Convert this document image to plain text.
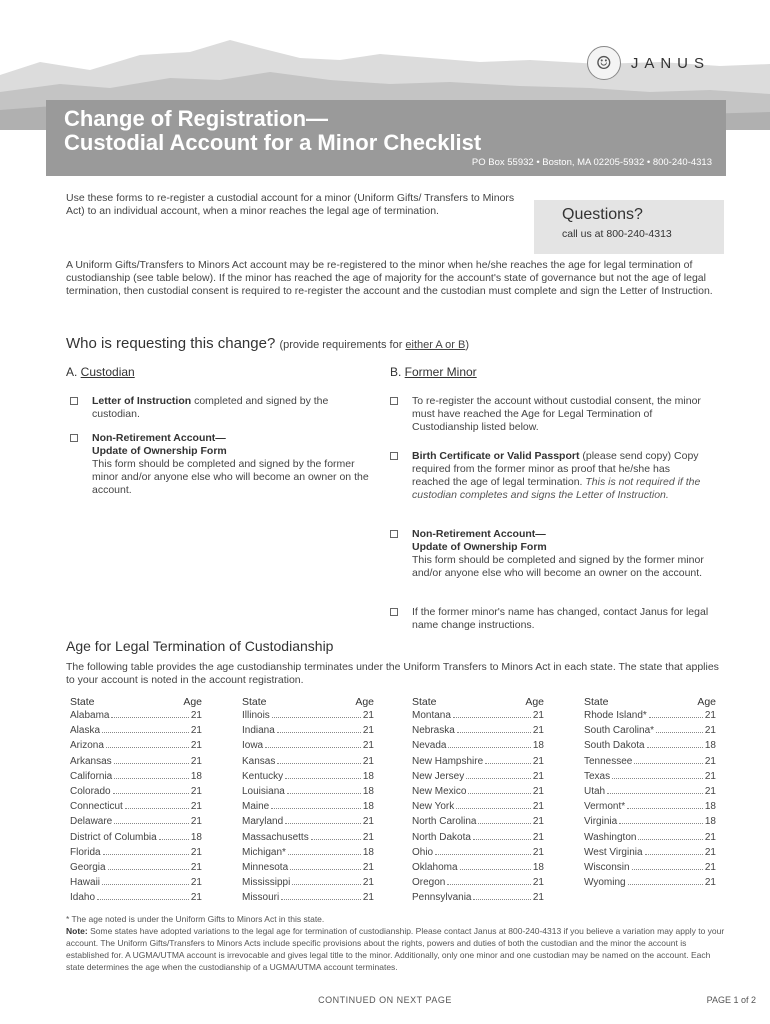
☺	JANUS
Change of Registration—
Custodial Account for a Minor Checklist
PO Box 55932 • Boston, MA 02205-5932 • 800-240-4313
Use these forms to re-register a custodial account for a minor (Uniform Gifts/ Transfers to Minors Act) to an individual account, when a minor reaches the legal age of termination.	Questions?
call us at 800-240-4313
A Uniform Gifts/Transfers to Minors Act account may be re-registered to the minor when he/she reaches the age for legal termination of custodianship (see table below). If the minor has reached the age of majority for the account's state of governance but not the age of legal termination, then custodial consent is required to re-register the account and the custodian must complete and sign the Letter of Instruction.
Who is requesting this change? (provide requirements for either A or B)
A. Custodian	B. Former Minor
Letter of Instruction completed and signed by the custodian.
Non-Retirement Account—
Update of Ownership Form
This form should be completed and signed by the former minor and/or anyone else who will become an owner on the account.
To re-register the account without custodial consent, the minor must have reached the Age for Legal Termination of Custodianship listed below.
Birth Certificate or Valid Passport (please send copy) Copy required from the former minor as proof that he/she has reached the age of legal termination. This is not required if the custodian completes and signs the Letter of Instruction.
Non-Retirement Account—
Update of Ownership Form
This form should be completed and signed by the former minor and/or anyone else who will become an owner on the account.
If the former minor's name has changed, contact Janus for legal name change instructions.
Age for Legal Termination of Custodianship
The following table provides the age custodianship terminates under the Uniform Transfers to Minors Act in each state. The state that applies to your account is noted in the account registration.
State	Age
Alabama	21
Alaska	21
Arizona	21
Arkansas	21
California	18
Colorado	21
Connecticut	21
Delaware	21
District of Columbia	18
Florida	21
Georgia	21
Hawaii	21
Idaho	21
State	Age
Illinois	21
Indiana	21
Iowa	21
Kansas	21
Kentucky	18
Louisiana	18
Maine	18
Maryland	21
Massachusetts	21
Michigan*	18
Minnesota	21
Mississippi	21
Missouri	21
State	Age
Montana	21
Nebraska	21
Nevada	18
New Hampshire	21
New Jersey	21
New Mexico	21
New York	21
North Carolina	21
North Dakota	21
Ohio	21
Oklahoma	18
Oregon	21
Pennsylvania	21
State	Age
Rhode Island*	21
South Carolina*	21
South Dakota	18
Tennessee	21
Texas	21
Utah	21
Vermont*	18
Virginia	18
Washington	21
West Virginia	21
Wisconsin	21
Wyoming	21
* The age noted is under the Uniform Gifts to Minors Act in this state.
Note: Some states have adopted variations to the legal age for termination of custodianship. Please contact Janus at 800-240-4313 if you believe a variation may apply to your account. The Uniform Gifts/Transfers to Minors Acts include specific provisions about the rights, powers and duties of both the custodian and the minor the account is established for. A UGMA/UTMA account is irrevocable and gives legal title to the minor. Additionally, only one minor and one custodian may be named on the account. Each state determines the age when the custodianship of a UGMA/UTMA account terminates.
CONTINUED ON NEXT PAGE	PAGE 1 of 2
